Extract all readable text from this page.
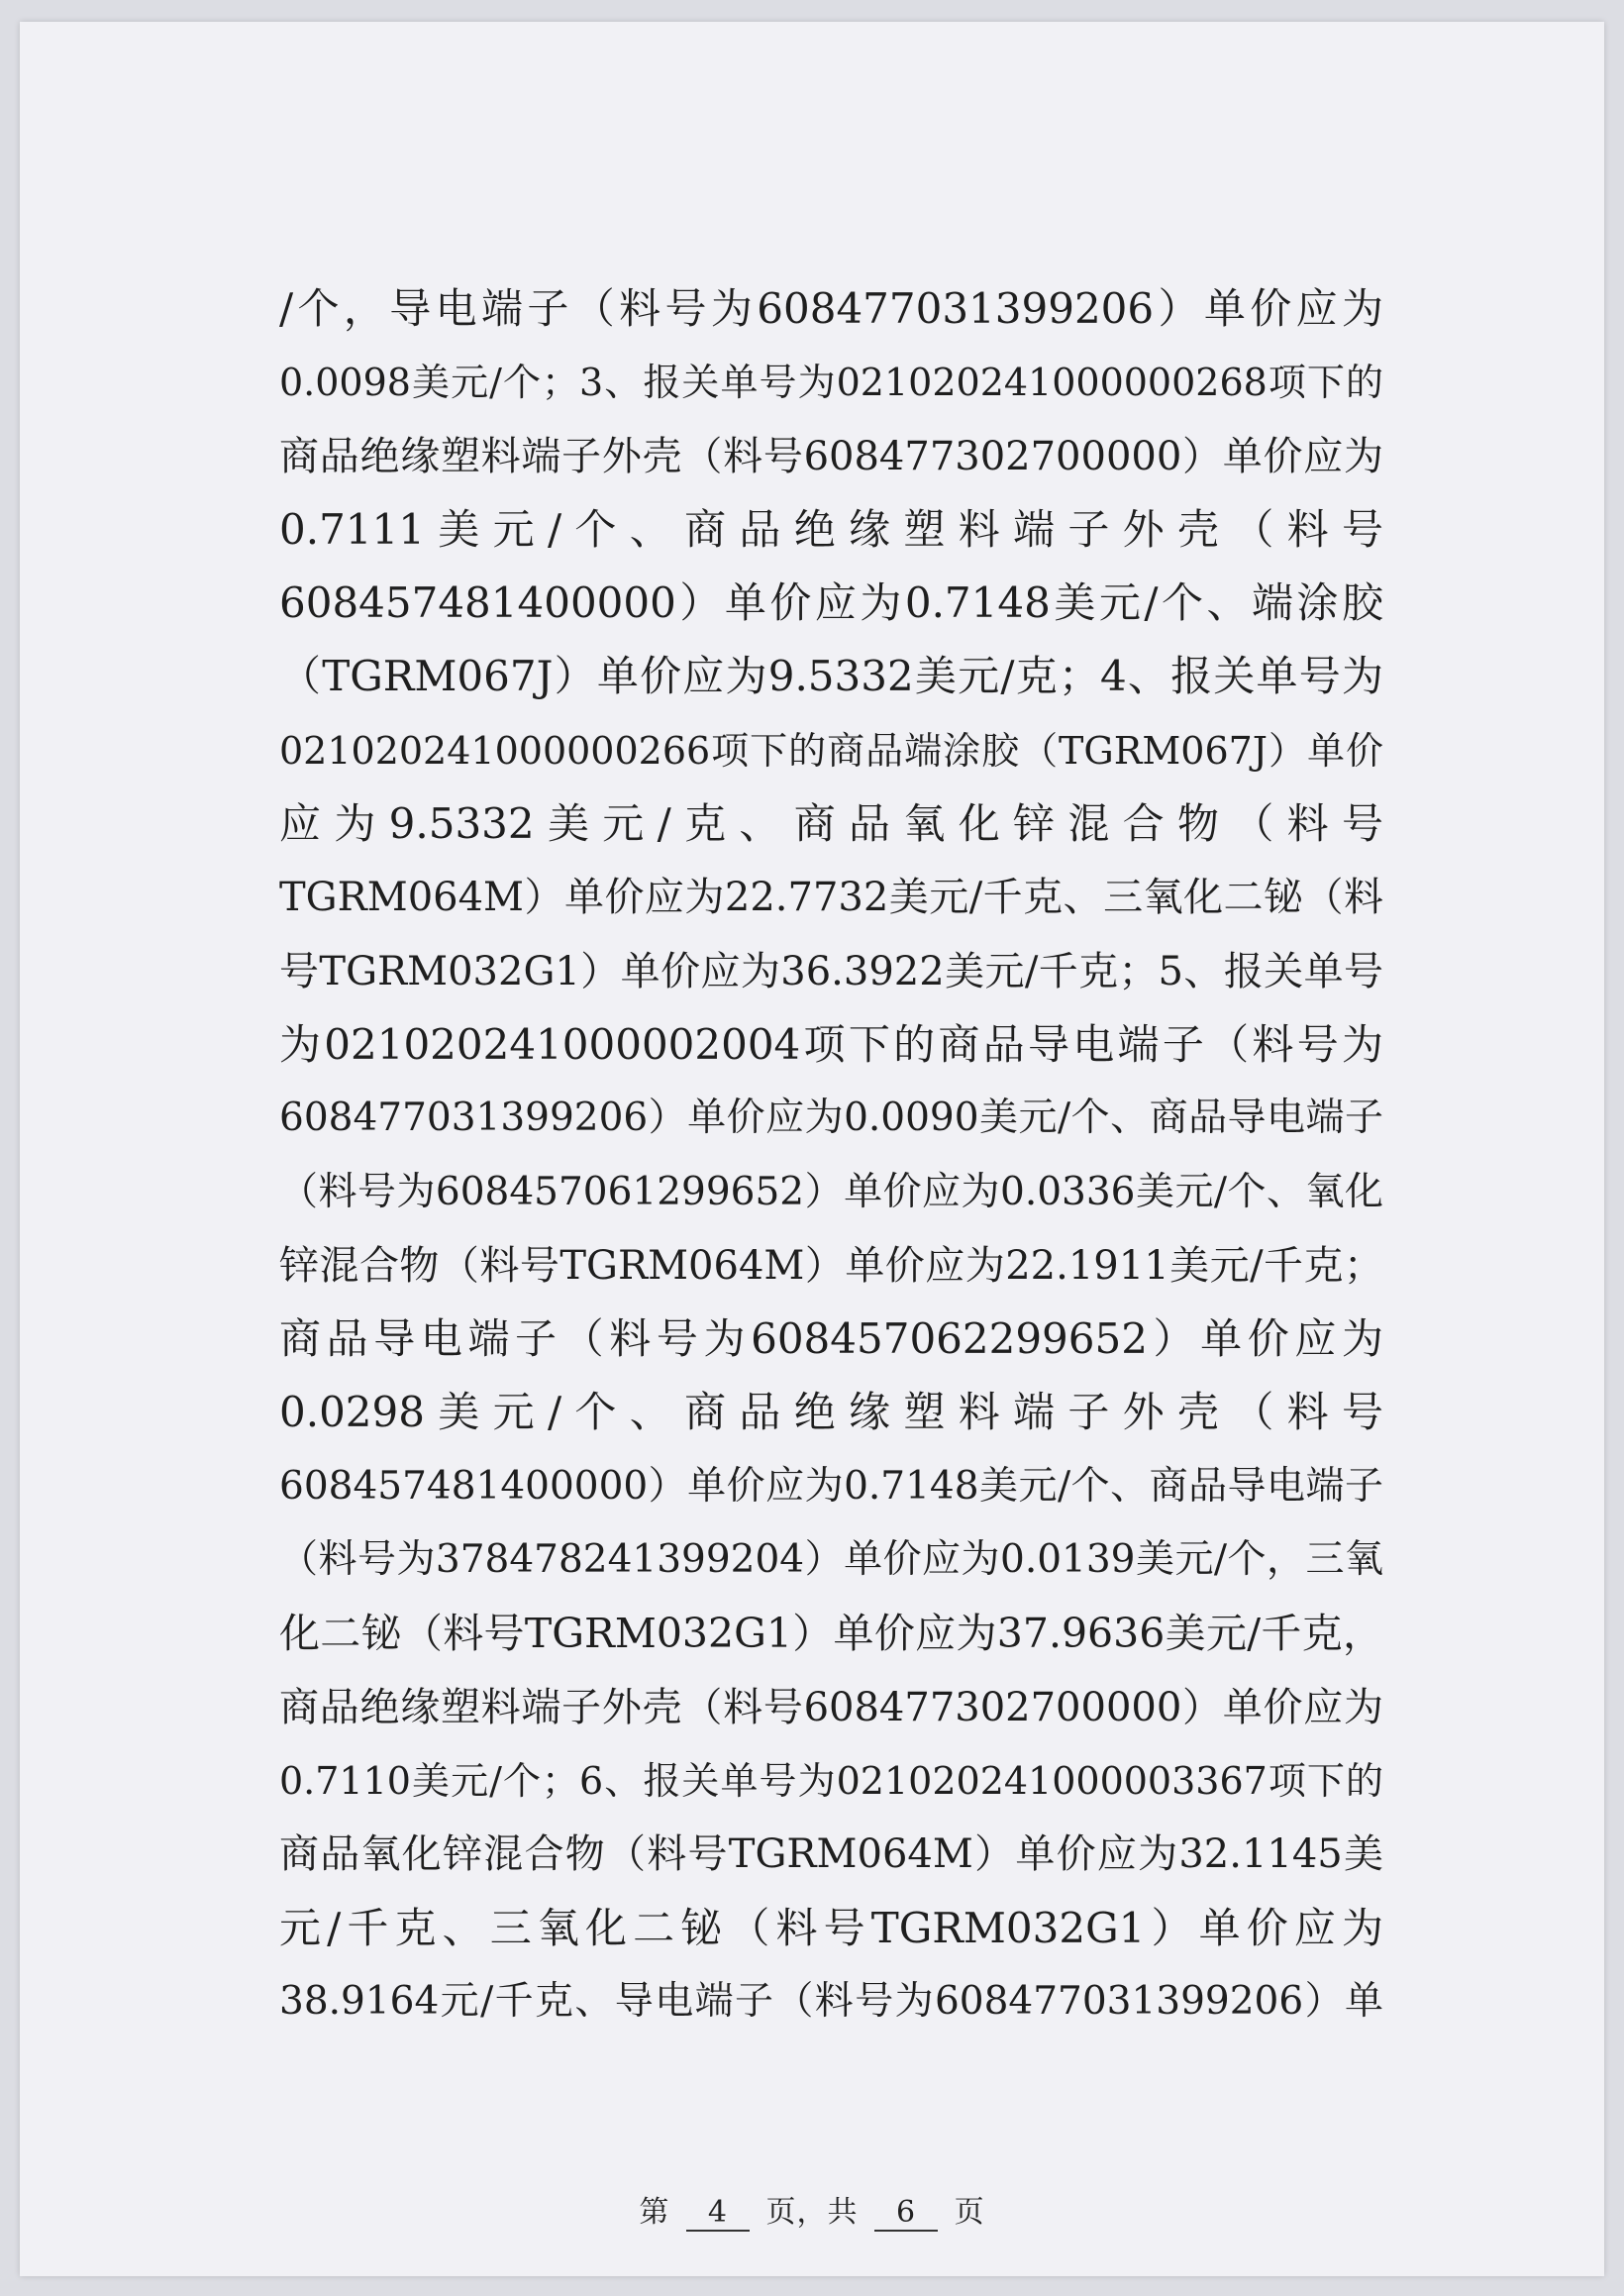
/个，导电端子（料号为608477031399206）单价应为
0.0098美元/个；3、报关单号为021020241000000268项下的
商品绝缘塑料端子外壳（料号608477302700000）单价应为
0.7111美元/个、商品绝缘塑料端子外壳（料号
608457481400000）单价应为0.7148美元/个、端涂胶
（TGRM067J）单价应为9.5332美元/克；4、报关单号为
021020241000000266项下的商品端涂胶（TGRM067J）单价
应为9.5332美元/克、商品氧化锌混合物（料号
TGRM064M）单价应为22.7732美元/千克、三氧化二铋（料
号TGRM032G1）单价应为36.3922美元/千克；5、报关单号
为021020241000002004项下的商品导电端子（料号为
608477031399206）单价应为0.0090美元/个、商品导电端子
（料号为608457061299652）单价应为0.0336美元/个、氧化
锌混合物（料号TGRM064M）单价应为22.1911美元/千克；
商品导电端子（料号为608457062299652）单价应为
0.0298美元/个、商品绝缘塑料端子外壳（料号
608457481400000）单价应为0.7148美元/个、商品导电端子
（料号为378478241399204）单价应为0.0139美元/个，三氧
化二铋（料号TGRM032G1）单价应为37.9636美元/千克，
商品绝缘塑料端子外壳（料号608477302700000）单价应为
0.7110美元/个；6、报关单号为021020241000003367项下的
商品氧化锌混合物（料号TGRM064M）单价应为32.1145美
元/千克、三氧化二铋（料号TGRM032G1）单价应为
38.9164元/千克、导电端子（料号为608477031399206）单
第 4 页，共 6 页
